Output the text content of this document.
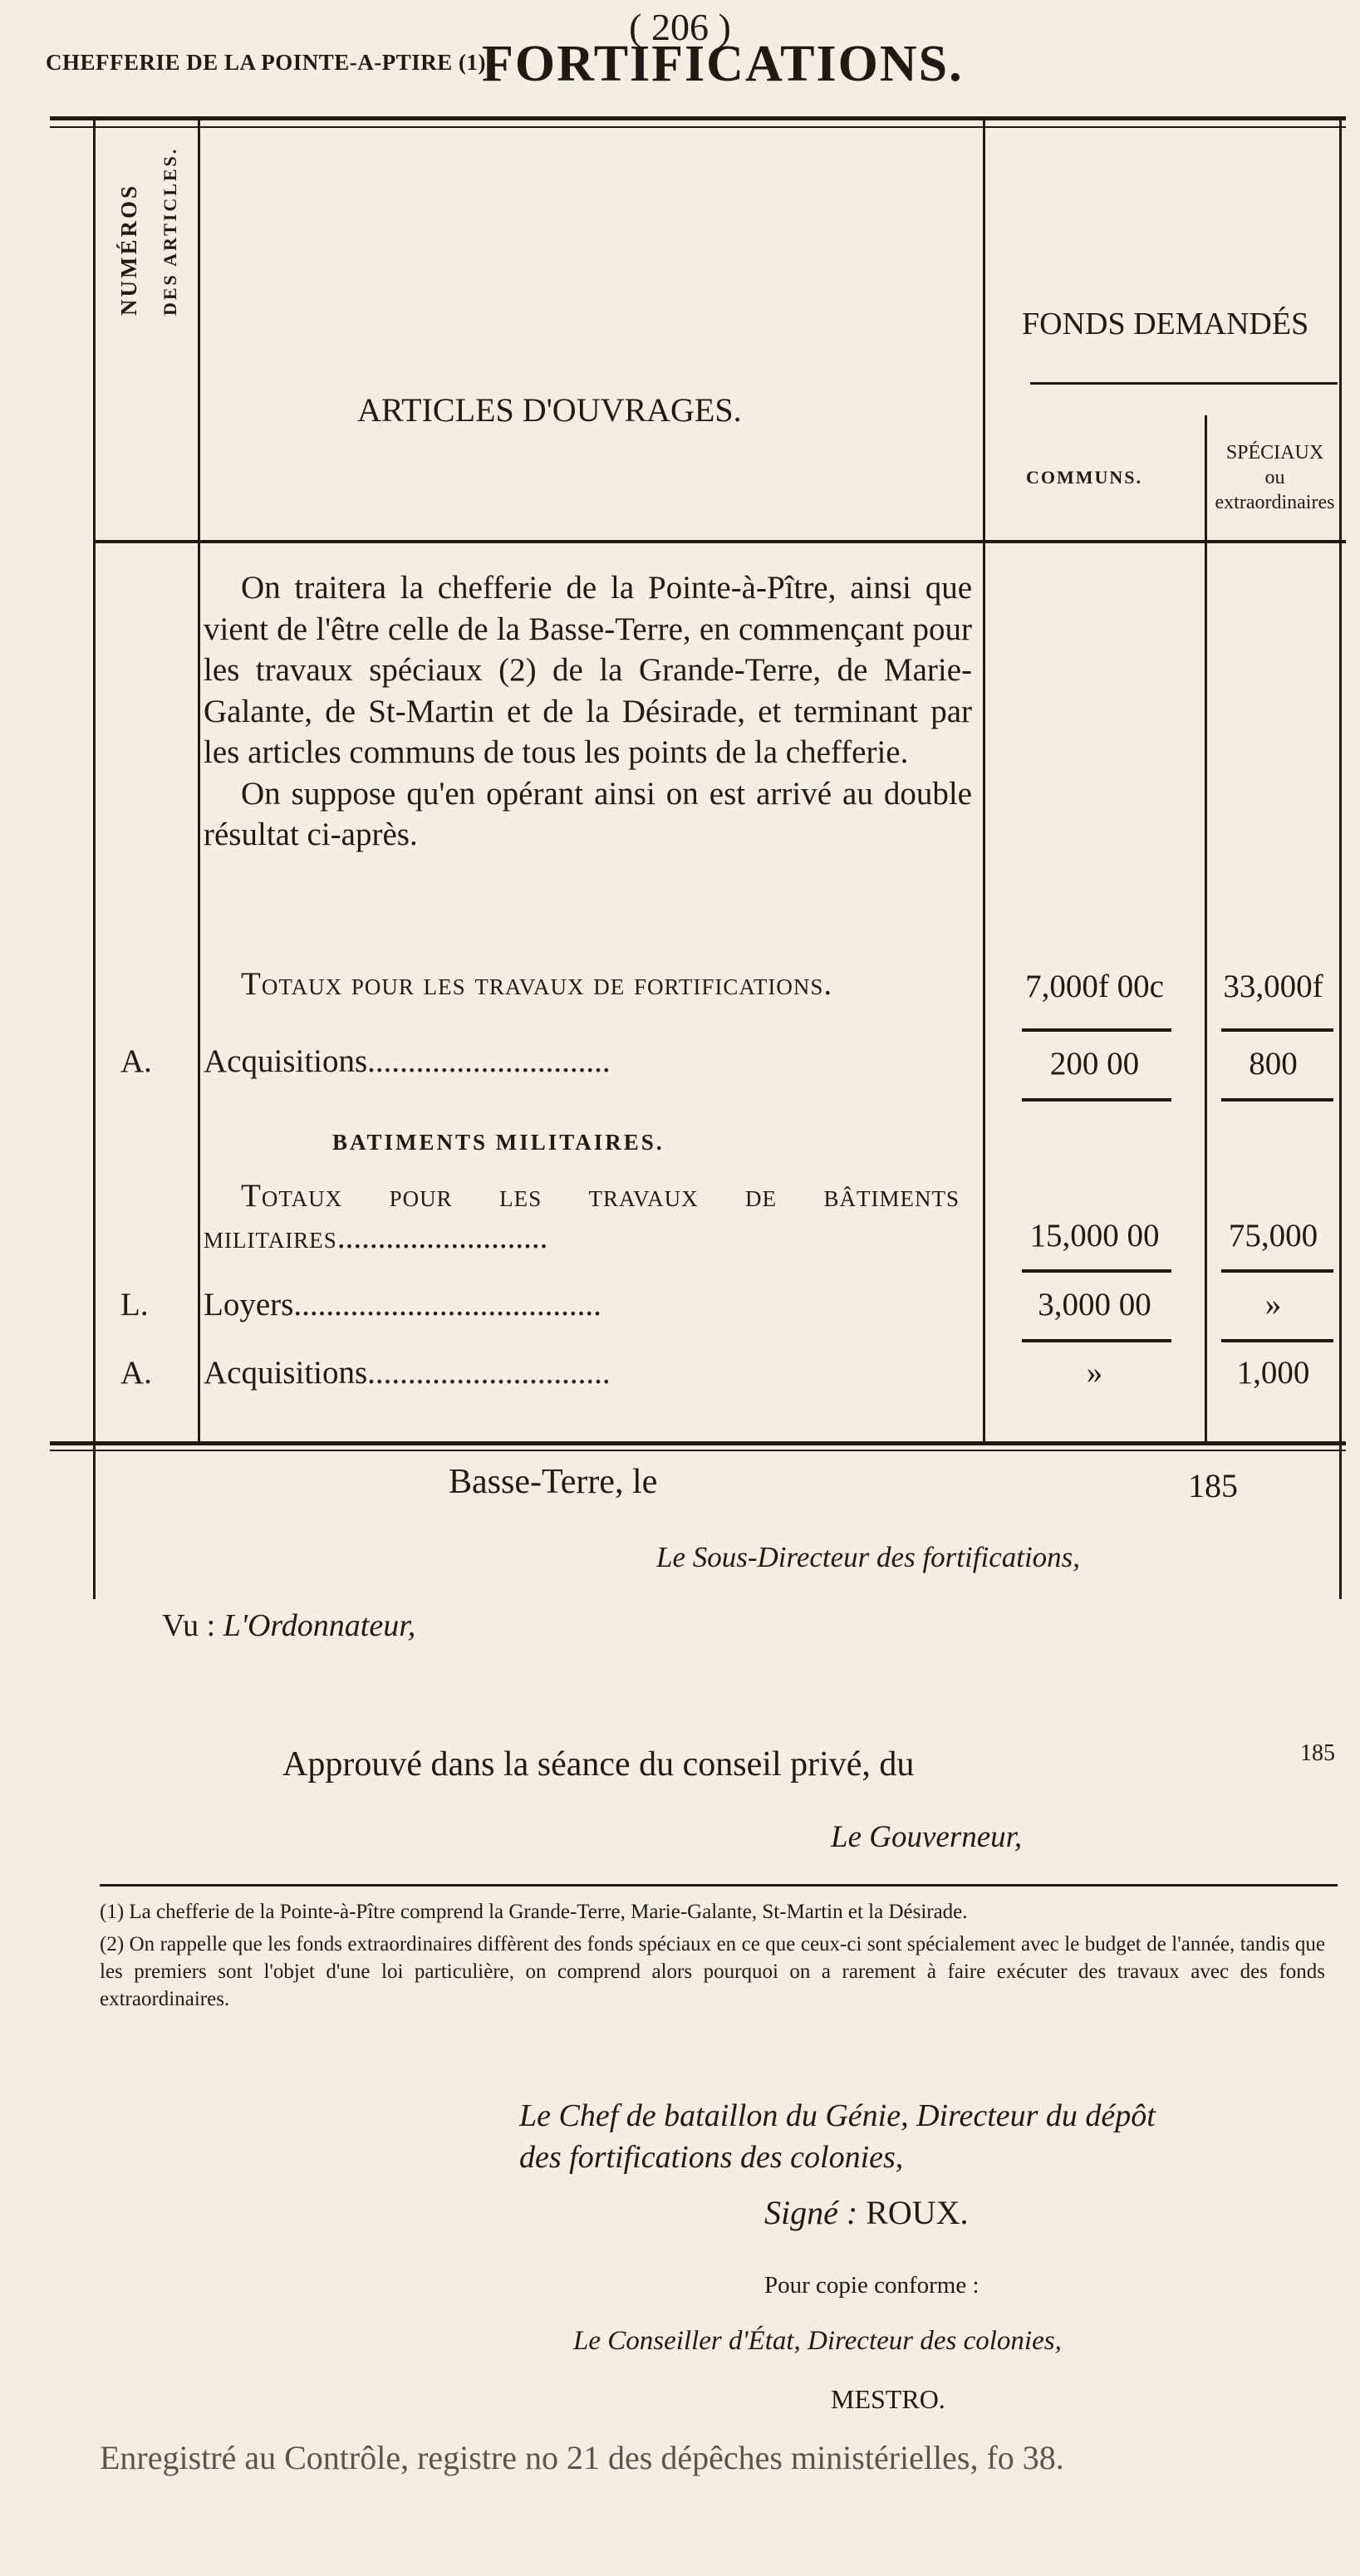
( 206 )
CHEFFERIE DE LA POINTE-A-PTIRE (1).
FORTIFICATIONS.
NUMÉROS DES ARTICLES.
ARTICLES D'OUVRAGES.
FONDS DEMANDÉS
COMMUNS.
SPÉCIAUX ou extraordinaires

On traitera la chefferie de la Pointe-à-Pître, ainsi que vient de l'être celle de la Basse-Terre, en commençant pour les travaux spéciaux (2) de la Grande-Terre, de Marie-Galante, de St-Martin et de la Désirade, et terminant par les articles communs de tous les points de la chefferie.

On suppose qu'en opérant ainsi on est arrivé au double résultat ci-après.

Totaux pour les travaux de fortifications.	7,000f 00c	33,000f
A. Acquisitions..............................	200 00	800
BATIMENTS MILITAIRES.

Totaux pour les travaux de bâtiments militaires..........................	15,000 00	75,000
L. Loyers......................................	3,000 00	»
A. Acquisitions..............................	»	1,000
Basse-Terre, le	185
Le Sous-Directeur des fortifications,
Vu : L'Ordonnateur,
Approuvé dans la séance du conseil privé, du	185
Le Gouverneur,

(1) La chefferie de la Pointe-à-Pître comprend la Grande-Terre, Marie-Galante, St-Martin et la Désirade.

(2) On rappelle que les fonds extraordinaires diffèrent des fonds spéciaux en ce que ceux-ci sont spécialement avec le budget de l'année, tandis que les premiers sont l'objet d'une loi particulière, on comprend alors pourquoi on a rarement à faire exécuter des travaux avec des fonds extraordinaires.

Le Chef de bataillon du Génie, Directeur du dépôt
des fortifications des colonies,
Signé : ROUX.
Pour copie conforme :
Le Conseiller d'État, Directeur des colonies,
MESTRO.
Enregistré au Contrôle, registre no 21 des dépêches ministérielles, fo 38.
